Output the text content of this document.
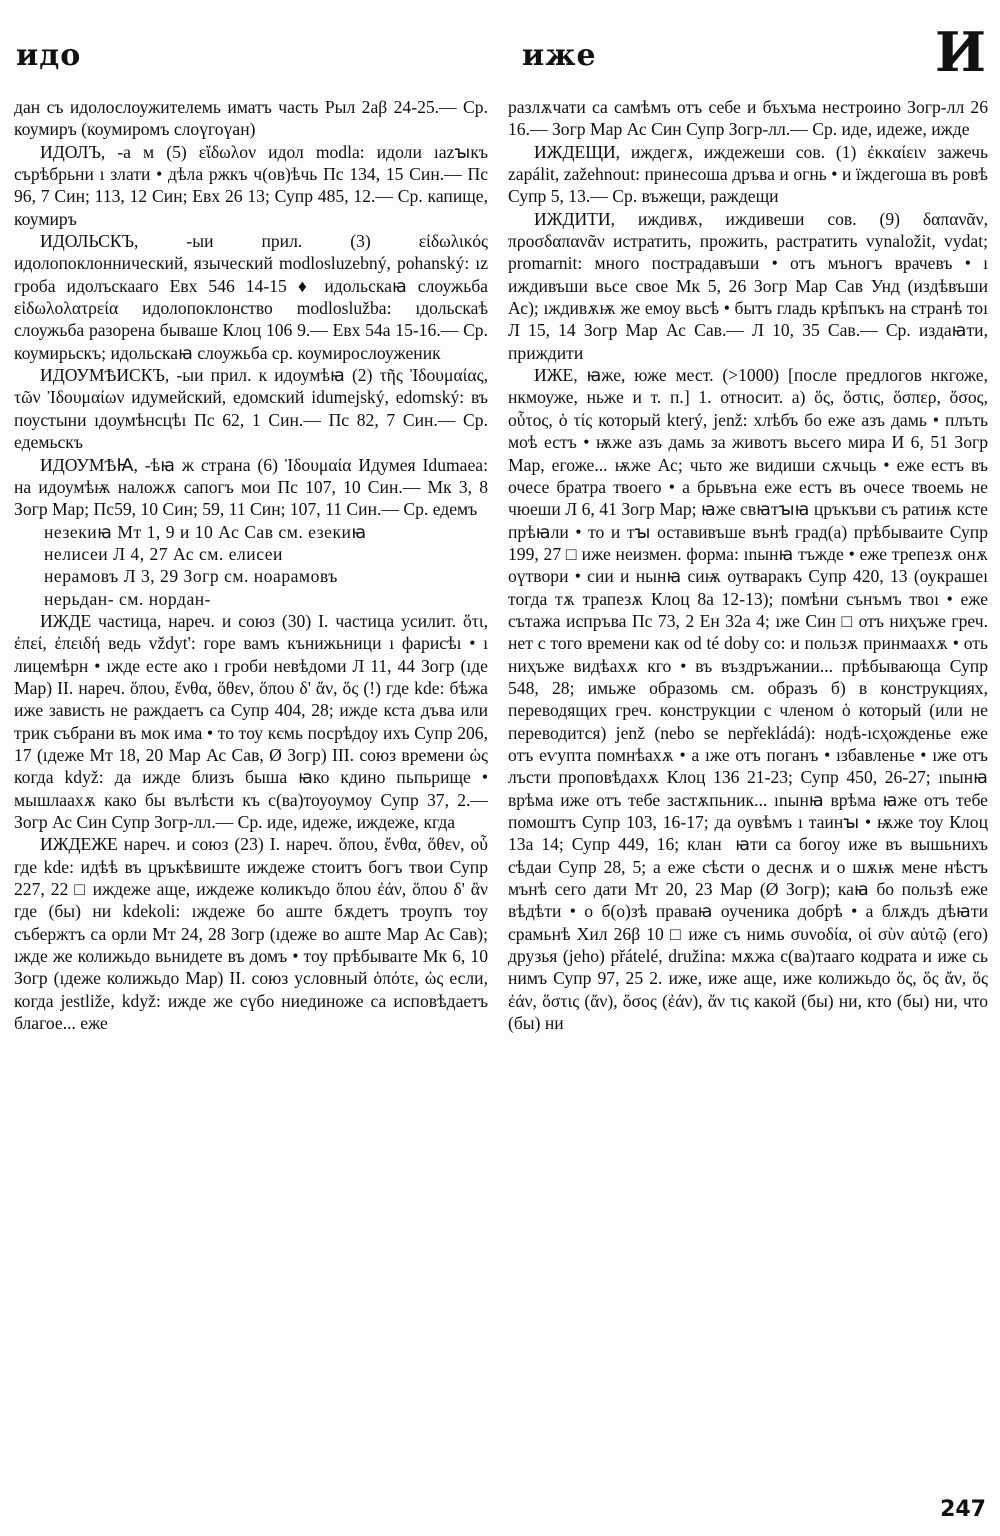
идо	иже	И

дан съ идолослоужителемь иматъ часть Рыл 2аβ 24-25.— Ср. коумиръ (коумиромъ слоүгоүан)

ИДОЛЪ, -а м (5) εἴδωλον идол modla: идоли ıazꙑкъ сърѣбрьни ı злати • дѣла ржкъ ч(ов)ѣчь Пс 134, 15 Син.— Пс 96, 7 Син; 113, 12 Син; Евх 26 13; Супр 485, 12.— Ср. капище, коумиръ

ИДОЛЬСКЪ, -ыи прил. (3) εἰδωλικός идолопоклоннический, языческий modlosluzebný, pohanský: ız гроба идолъскааго Евх 546 14-15 ♦ идольскаꙗ слоужьба εἰδωλολατρεία идолопоклонство modloslužba: ıдольскаѣ слоужьба разорена бываше Клоц 106 9.— Евх 54а 15-16.— Ср. коумирьскъ; идольскаꙗ слоужьба ср. коумирослоуженик

ИДОУМѢИСКЪ, -ыи прил. к идоумѣꙗ (2) τῆς Ἰδουμαίας, τῶν Ἰδουμαίων идумейский, едомский idumejský, edomský: въ поустыни ıдоумѣнсцѣı Пс 62, 1 Син.— Пс 82, 7 Син.— Ср. едемьскъ

ИДОУМѢꙖ, -ѣꙗ ж страна (6) Ἰδουμαία Идумея Idumaea: на идоумѣѭ наложѫ сапогъ мои Пс 107, 10 Син.— Мк 3, 8 Зогр Мар; Пс59, 10 Син; 59, 11 Син; 107, 11 Син.— Ср. едемъ

незекиꙗ Мт 1, 9 и 10 Ас Сав см. езекиꙗ

нелисеи Л 4, 27 Ас см. елисеи

нерамовъ Л 3, 29 Зогр см. ноарамовъ

нерьдан- см. нордан-

ИЖДЕ частица, нареч. и союз (30) I. частица усилит. ὅτι, ἐπεί, ἐπειδή ведь vždyt': горе вамъ кънижьници ı фарисѣı • ı лицемѣрн • ıжде есте ако ı гроби невѣдоми Л 11, 44 Зогр (ıде Мар) II. нареч. ὅπου, ἔνθα, ὅθεν, ὅπου δ' ἄν, ὅς (!) где kde: бѣжа иже зависть не раждаетъ са Супр 404, 28; ижде кста дъва или трик събрани въ мок има • то тоу кємь посрѣдоу ихъ Супр 206, 17 (ıдеже Мт 18, 20 Мар Ас Сав, Ø Зогр) III. союз времени ὡς когда když: да ижде близъ быша ꙗко кдино пьпьрище • мышлаахѫ како бы вълѣсти къ с(ва)тоуоумоу Супр 37, 2.— Зогр Ас Син Супр Зогр-лл.— Ср. иде, идеже, иждеже, кгда

ИЖДЕЖЕ нареч. и союз (23) I. нареч. ὅπου, ἔνθα, ὅθεν, οὗ где kde: идѣѣ въ цръкѣвиште иждеже стоитъ богъ твои Супр 227, 22 □ иждеже аще, иждеже коликъдо ὅπου ἐάν, ὅπου δ' ἂν где (бы) ни kdekoli: ıждеже бо аште бѫдетъ троупъ тоу събержтъ са орли Мт 24, 28 Зогр (ıдеже во аште Мар Ас Сав); ıжде же колижьдо вьнидете въ домъ • тоу прѣбываıте Мк 6, 10 Зогр (ıдеже колижьдо Мар) II. союз условный ὁπότε, ὡς если, когда jestliže, když: ижде же сүбо ниединоже са исповѣдаетъ благое... еже

разлѫчати са самѣмъ отъ себе и бъхъма нестроино Зогр-лл 26 16.— Зогр Мар Ас Син Супр Зогр-лл.— Ср. иде, идеже, ижде

ИЖДЕЩИ, иждегѫ, иждежеши сов. (1) ἐκκαίειν зажечь zapálit, zažehnout: принесоша дръва и огнь • и їждегоша въ ровѣ Супр 5, 13.— Ср. въжещи, раждещи

ИЖДИТИ, иждивѫ, иждивеши сов. (9) δαπανᾶν, προσδαπανᾶν истратить, прожить, растратить vynaložit, vydat; promarnit: много пострадавъши • отъ мъногъ врачевъ • ı иждивъши вьсе свое Мк 5, 26 Зогр Мар Сав Унд (издѣвъши Ас); ıждивѫѭ же емоу вьсѣ • бытъ гладь крѣпъкъ на странѣ тоı Л 15, 14 Зогр Мар Ас Сав.— Л 10, 35 Сав.— Ср. издаꙗти, приждити

ИЖЕ, ꙗже, юже мест. (>1000) [после предлогов нкгоже, нкмоуже, ньже и т. п.] 1. относит. а) ὅς, ὅστις, ὅσπερ, ὅσος, οὗτος, ὁ τίς который který, jenž: хлѣбъ бо еже азъ дамь • плъть моѣ естъ • ѭже азъ дамь за животъ вьсего мира И 6, 51 Зогр Мар, егоже... ѭже Ас; чьто же видиши сѫчьць • еже естъ въ очесе братра твоего • а брьвъна еже естъ въ очесе твоемь не чюеши Л 6, 41 Зогр Мар; ꙗже свꙗтꙑꙗ цръкъви съ ратиѭ кстe прѣꙗли • то и тꙑ оставивъше вънѣ град(а) прѣбываите Супр 199, 27 □ иже неизмен. форма: ınынꙗ тъжде • еже трепезѫ онѫ оүтвори • сии и нынꙗ сиѭ оутваракъ Супр 420, 13 (оукрашеı тогда тѫ трапезѫ Клоц 8а 12-13); помѣни сънъмъ твоı • еже сътажа испръва Пс 73, 2 Ен 32а 4; ıже Син □ отъ ниҳъже греч. нет с того времени как od té doby co: и пользѫ принмаахѫ • оть ниҳъже видѣахѫ кго • въ въздръжании... прѣбывающа Супр 548, 28; имьже образомь см. образъ б) в конструкциях, переводящих греч. конструкции с членом ὁ который (или не переводится) jenž (nebo se nepřekládá): нодѣ-ıсҳожденье еже отъ еѵупта помнѣахѫ • а ıже отъ поганъ • ıзбавленье • ıже отъ лъсти проповѣдахѫ Клоц 136 21-23; Супр 450, 26-27; ınынꙗ врѣма иже отъ тебе застѫпьник... ınынꙗ врѣма ꙗже отъ тебе помоштъ Супр 103, 16-17; да оувѣмъ ı таинꙑ • ѭже тоу Клоц 13а 14; Супр 449, 16; клан꙼ꙗти са богоу иже въ вышьнихъ сѣдаи Супр 28, 5; а еже сѣсти о деснѫ и о шѫѭ мене нѣстъ мънѣ сего дати Мт 20, 23 Мар (Ø Зогр); каꙗ бо пользѣ еже вѣдѣти • о б(о)зѣ праваꙗ оученика добрѣ • а блѫдъ дѣꙗти срамьнѣ Хил 26β 10 □ иже съ нимь συνοδία, οἱ σὺν αὐτῷ (его) друзья (jeho) přátelé, družina: мѫжа с(ва)тааго кодрата и иже сь нимъ Супр 97, 25 2. иже, иже аще, иже колижьдо ὅς, ὅς ἄν, ὅς ἐάν, ὅστις (ἄν), ὅσος (ἐάν), ἄν τις какой (бы) ни, кто (бы) ни, что (бы) ни

247
